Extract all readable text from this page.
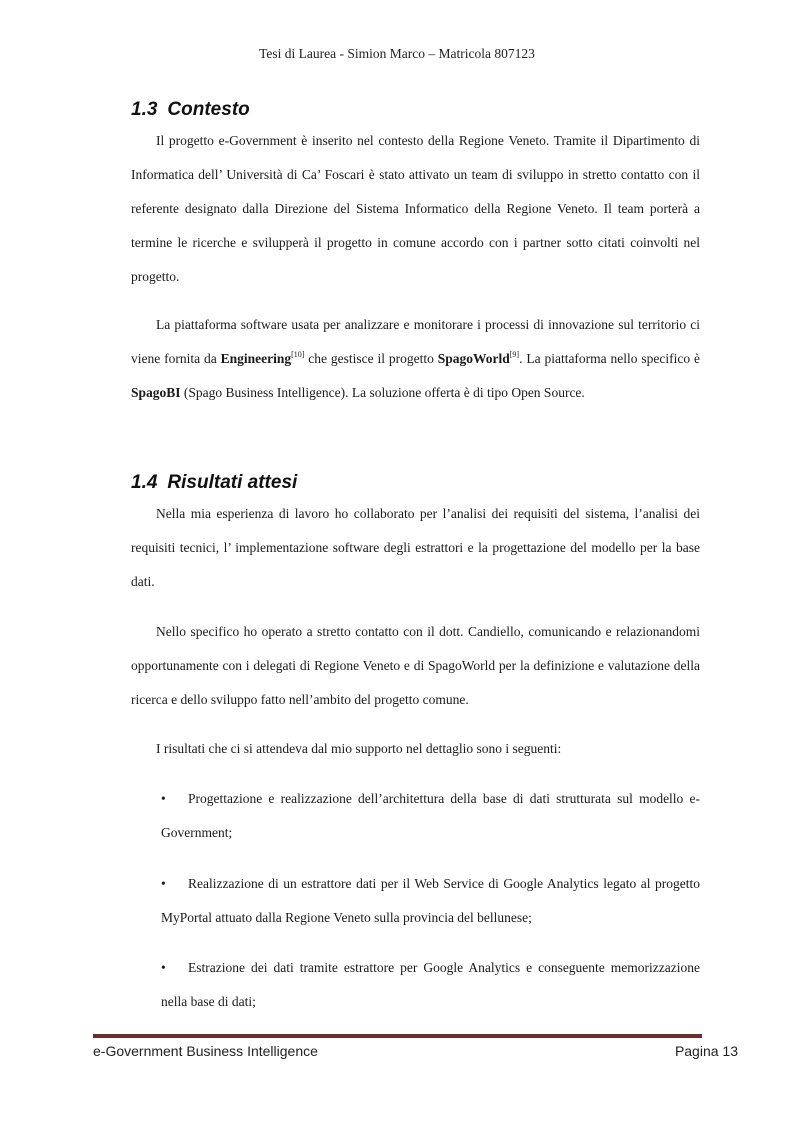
Tesi di Laurea - Simion Marco – Matricola 807123
1.3 Contesto

Il progetto e-Government è inserito nel contesto della Regione Veneto. Tramite il Dipartimento di Informatica dell’ Università di Ca’ Foscari è stato attivato un team di sviluppo in stretto contatto con il referente designato dalla Direzione del Sistema Informatico della Regione Veneto. Il team porterà a termine le ricerche e svilupperà il progetto in comune accordo con i partner sotto citati coinvolti nel progetto.

La piattaforma software usata per analizzare e monitorare i processi di innovazione sul territorio ci viene fornita da Engineering[10] che gestisce il progetto SpagoWorld[9]. La piattaforma nello specifico è SpagoBI (Spago Business Intelligence). La soluzione offerta è di tipo Open Source.

1.4 Risultati attesi

Nella mia esperienza di lavoro ho collaborato per l’analisi dei requisiti del sistema, l’analisi dei requisiti tecnici, l’ implementazione software degli estrattori e la progettazione del modello per la base dati.

Nello specifico ho operato a stretto contatto con il dott. Candiello, comunicando e relazionandomi opportunamente con i delegati di Regione Veneto e di SpagoWorld per la definizione e valutazione della ricerca e dello sviluppo fatto nell’ambito del progetto comune.

I risultati che ci si attendeva dal mio supporto nel dettaglio sono i seguenti:

• Progettazione e realizzazione dell’architettura della base di dati strutturata sul modello e-Government;
• Realizzazione di un estrattore dati per il Web Service di Google Analytics legato al progetto MyPortal attuato dalla Regione Veneto sulla provincia del bellunese;
• Estrazione dei dati tramite estrattore per Google Analytics e conseguente memorizzazione nella base di dati;
e-Government Business Intelligence	Pagina 13
